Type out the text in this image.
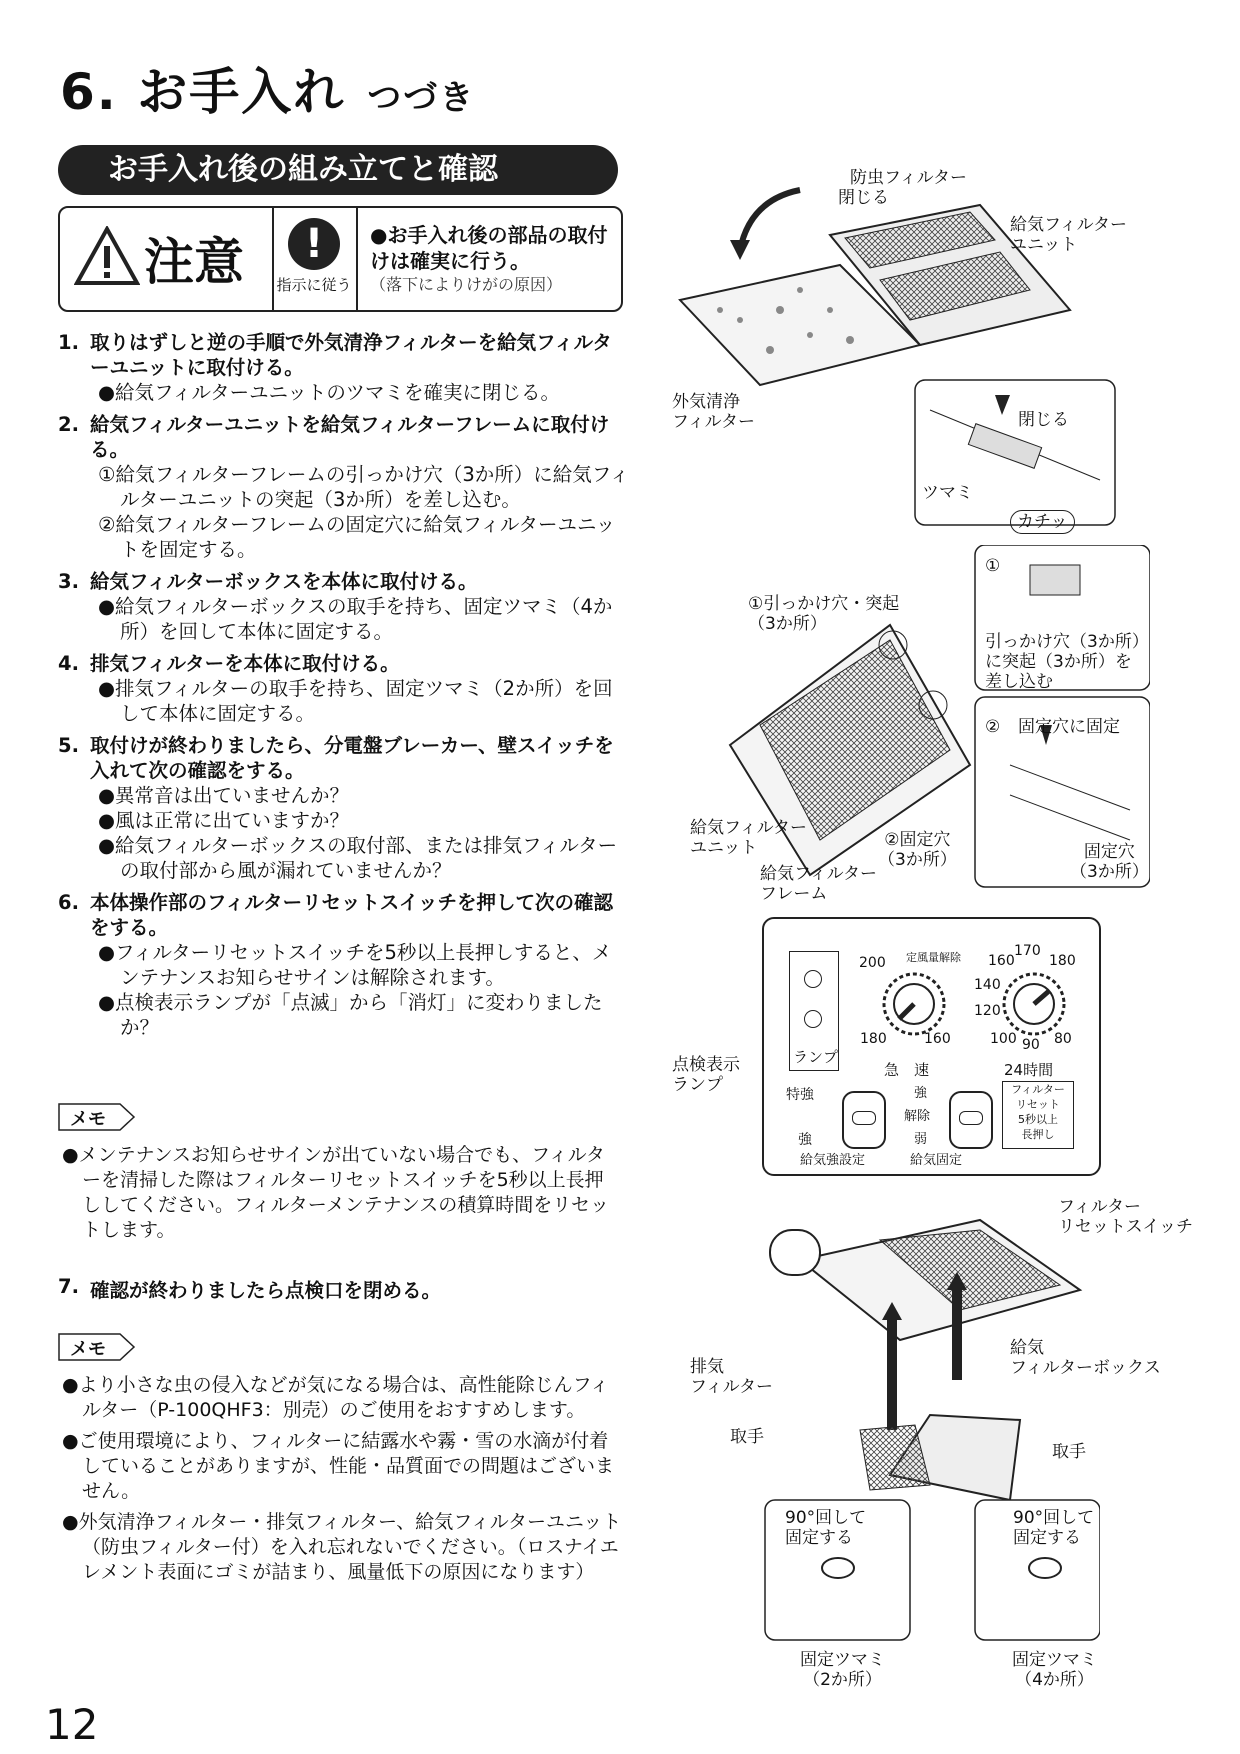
6. お手入れ つづき
お手入れ後の組み立てと確認
注意	!
指示に従う
●お手入れ後の部品の取付けは確実に行う。
（落下によりけがの原因）
1. 取りはずしと逆の手順で外気清浄フィルターを給気フィルターユニットに取付ける。
●給気フィルターユニットのツマミを確実に閉じる。
2. 給気フィルターユニットを給気フィルターフレームに取付ける。
①給気フィルターフレームの引っかけ穴（3か所）に給気フィルターユニットの突起（3か所）を差し込む。
②給気フィルターフレームの固定穴に給気フィルターユニットを固定する。
3. 給気フィルターボックスを本体に取付ける。
●給気フィルターボックスの取手を持ち、固定ツマミ（4か所）を回して本体に固定する。
4. 排気フィルターを本体に取付ける。
●排気フィルターの取手を持ち、固定ツマミ（2か所）を回して本体に固定する。
5. 取付けが終わりましたら、分電盤ブレーカー、壁スイッチを入れて次の確認をする。
●異常音は出ていませんか？
●風は正常に出ていますか？
●給気フィルターボックスの取付部、または排気フィルターの取付部から風が漏れていませんか？
6. 本体操作部のフィルターリセットスイッチを押して次の確認をする。
●フィルターリセットスイッチを5秒以上長押しすると、メンテナンスお知らせサインは解除されます。
●点検表示ランプが「点滅」から「消灯」に変わりましたか？
メモ
●メンテナンスお知らせサインが出ていない場合でも、フィルターを清掃した際はフィルターリセットスイッチを5秒以上長押ししてください。フィルターメンテナンスの積算時間をリセットします。
7. 確認が終わりましたら点検口を閉める。
メモ
●より小さな虫の侵入などが気になる場合は、高性能除じんフィルター（P-100QHF3：別売）のご使用をおすすめします。
●ご使用環境により、フィルターに結露水や霧・雪の水滴が付着していることがありますが、性能・品質面での問題はございません。
●外気清浄フィルター・排気フィルター、給気フィルターユニット（防虫フィルター付）を入れ忘れないでください。（ロスナイエレメント表面にゴミが詰まり、風量低下の原因になります）
12
防虫フィルター
閉じる
給気フィルター
ユニット
外気清浄
フィルター	閉じる
ツマミ
カチッ
①引っかけ穴・突起
（3か所）
①
引っかけ穴（3か所）
に突起（3か所）を
差し込む
② 固定穴に固定
固定穴
（3か所）
②固定穴
（3か所）
給気フィルター
ユニット
給気フィルター
フレーム
ランプ
200 定風量解除
180	160
170
160 180
140
120
100 90 80
急　速	24時間
特強
強
給気強設定
強
解除
弱
給気固定
フィルター
リセット
5秒以上
長押し
点検表示
ランプ
フィルター
リセットスイッチ
給気
フィルターボックス
排気
フィルター
取手
取手
90°回して
固定する
90°回して
固定する
固定ツマミ
（2か所）
固定ツマミ
（4か所）
